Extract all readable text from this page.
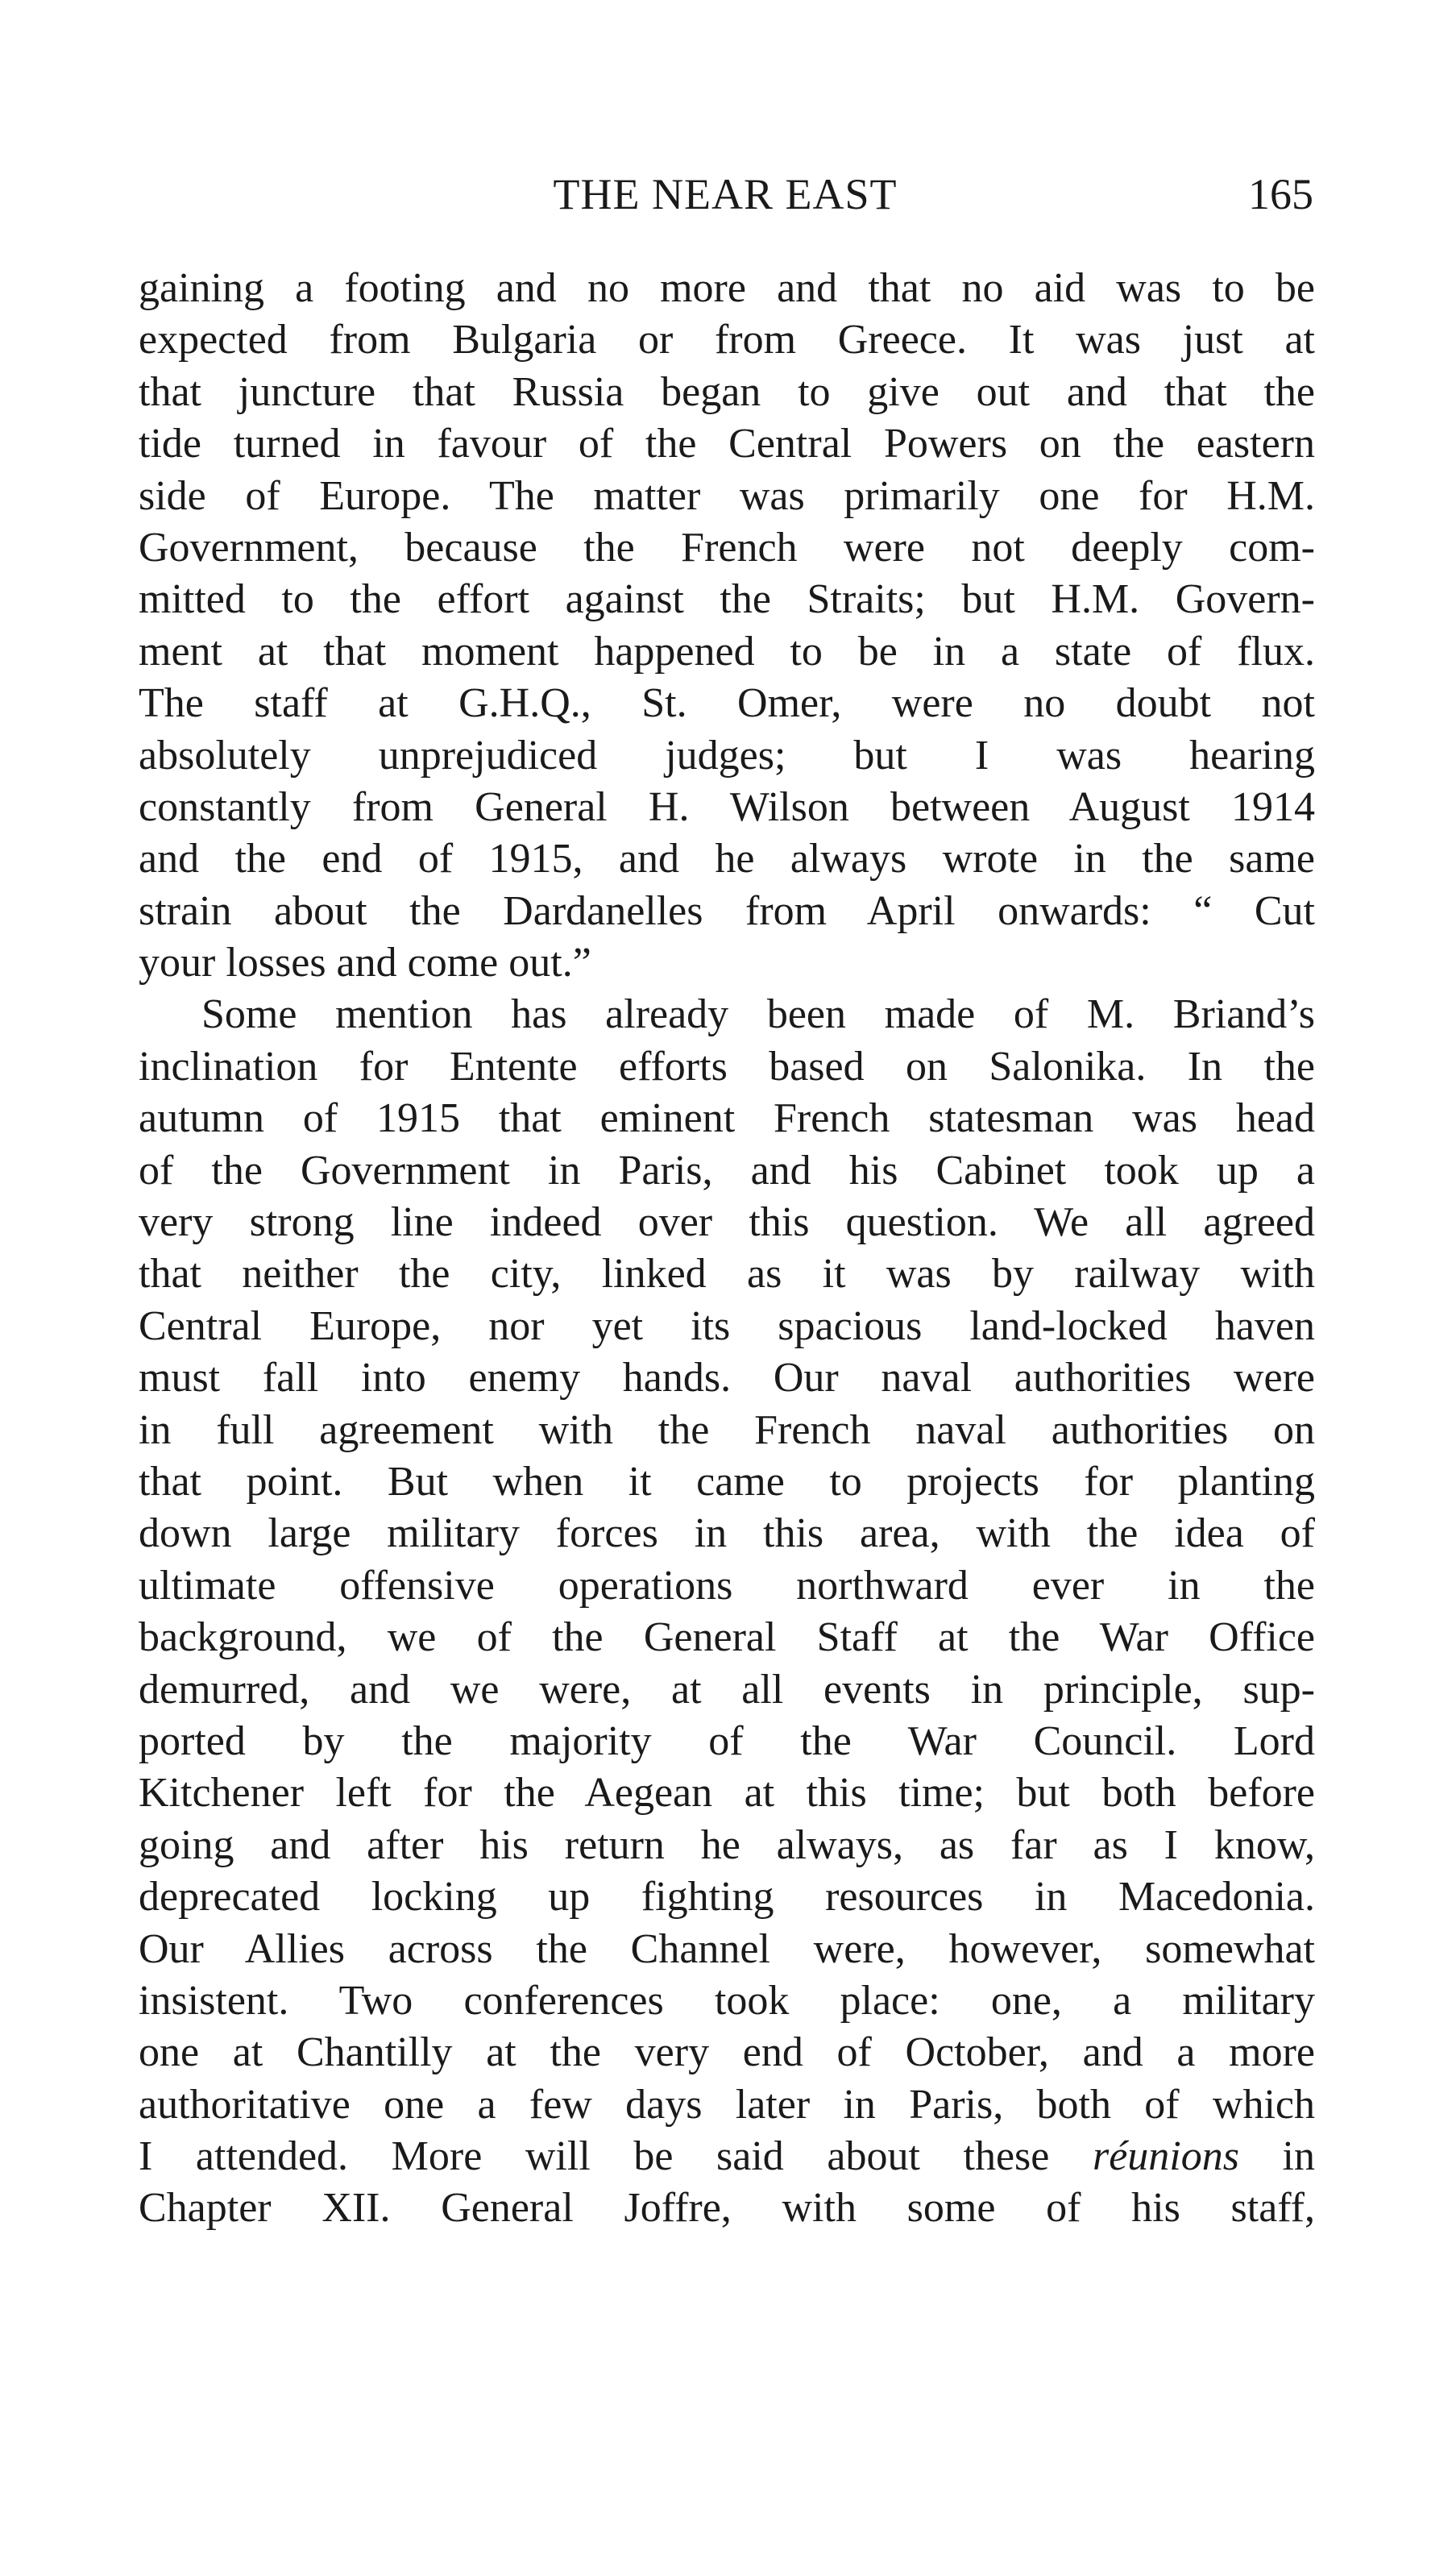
THE NEAR EAST	165
gaining a footing and no more and that no aid was to be
expected from Bulgaria or from Greece. It was just at
that juncture that Russia began to give out and that the
tide turned in favour of the Central Powers on the eastern
side of Europe. The matter was primarily one for H.M.
Government, because the French were not deeply com-
mitted to the effort against the Straits; but H.M. Govern-
ment at that moment happened to be in a state of flux.
The staff at G.H.Q., St. Omer, were no doubt not
absolutely unprejudiced judges; but I was hearing
constantly from General H. Wilson between August 1914
and the end of 1915, and he always wrote in the same
strain about the Dardanelles from April onwards: “ Cut
your losses and come out.”
Some mention has already been made of M. Briand’s
inclination for Entente efforts based on Salonika. In the
autumn of 1915 that eminent French statesman was head
of the Government in Paris, and his Cabinet took up a
very strong line indeed over this question. We all agreed
that neither the city, linked as it was by railway with
Central Europe, nor yet its spacious land-locked haven
must fall into enemy hands. Our naval authorities were
in full agreement with the French naval authorities on
that point. But when it came to projects for planting
down large military forces in this area, with the idea of
ultimate offensive operations northward ever in the
background, we of the General Staff at the War Office
demurred, and we were, at all events in principle, sup-
ported by the majority of the War Council. Lord
Kitchener left for the Aegean at this time; but both before
going and after his return he always, as far as I know,
deprecated locking up fighting resources in Macedonia.
Our Allies across the Channel were, however, somewhat
insistent. Two conferences took place: one, a military
one at Chantilly at the very end of October, and a more
authoritative one a few days later in Paris, both of which
I attended. More will be said about these réunions in
Chapter XII. General Joffre, with some of his staff,
